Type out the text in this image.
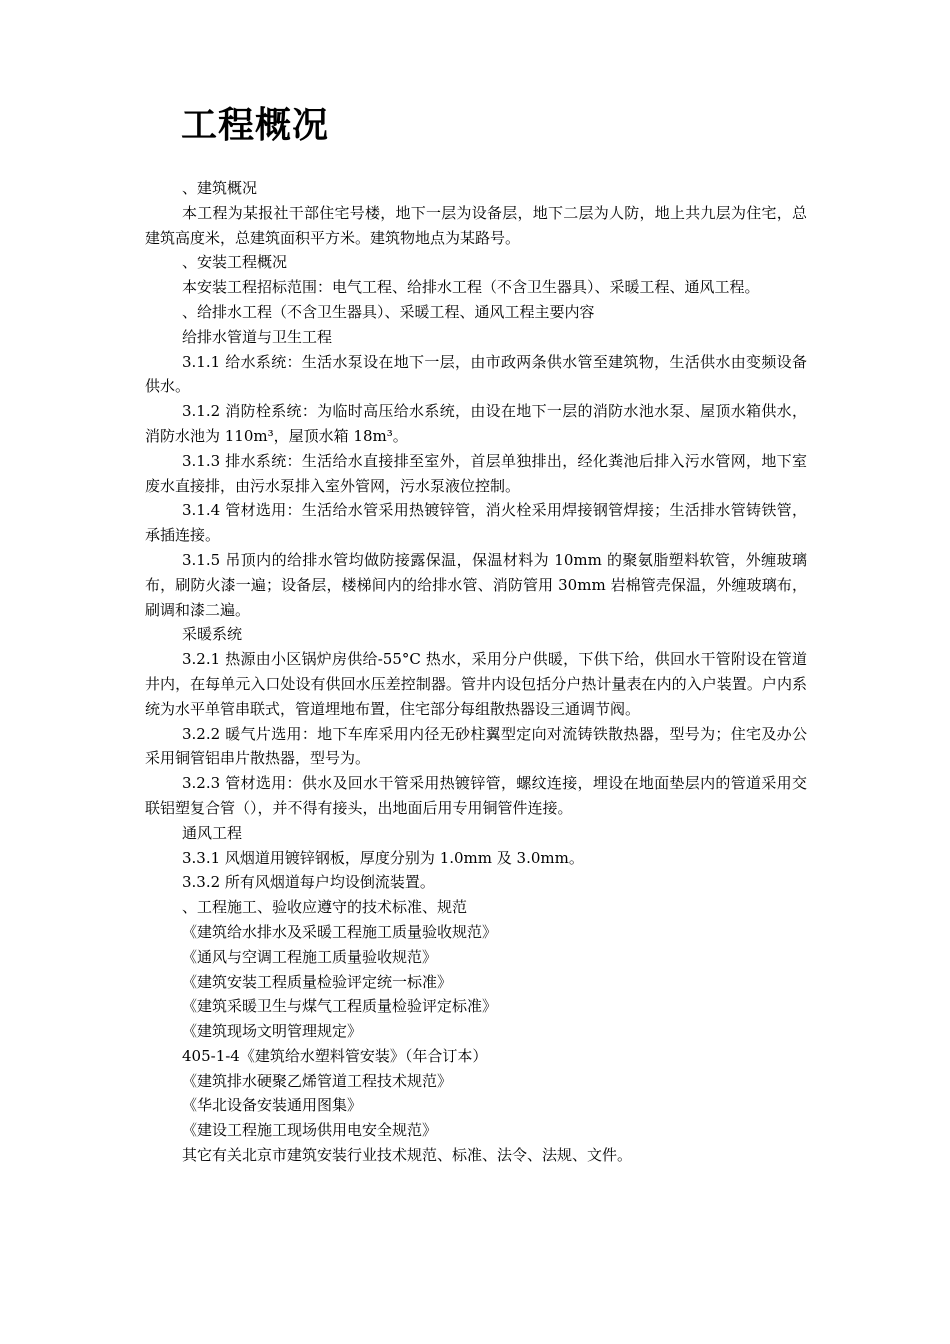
工程概况

、建筑概况

本工程为某报社干部住宅号楼，地下一层为设备层，地下二层为人防，地上共九层为住宅，总建筑高度米，总建筑面积平方米。建筑物地点为某路号。

、安装工程概况

本安装工程招标范围：电气工程、给排水工程（不含卫生器具）、采暖工程、通风工程。

、给排水工程（不含卫生器具）、采暖工程、通风工程主要内容

给排水管道与卫生工程

3.1.1 给水系统：生活水泵设在地下一层，由市政两条供水管至建筑物，生活供水由变频设备供水。

3.1.2 消防栓系统：为临时高压给水系统，由设在地下一层的消防水池水泵、屋顶水箱供水，消防水池为 110m³，屋顶水箱 18m³。

3.1.3 排水系统：生活给水直接排至室外，首层单独排出，经化粪池后排入污水管网，地下室废水直接排，由污水泵排入室外管网，污水泵液位控制。

3.1.4 管材选用：生活给水管采用热镀锌管，消火栓采用焊接钢管焊接；生活排水管铸铁管，承插连接。

3.1.5 吊顶内的给排水管均做防接露保温，保温材料为 10mm 的聚氨脂塑料软管，外缠玻璃布，刷防火漆一遍；设备层，楼梯间内的给排水管、消防管用 30mm 岩棉管壳保温，外缠玻璃布，刷调和漆二遍。

采暖系统

3.2.1 热源由小区锅炉房供给-55°C 热水，采用分户供暖，下供下给，供回水干管附设在管道井内，在每单元入口处设有供回水压差控制器。管井内设包括分户热计量表在内的入户装置。户内系统为水平单管串联式，管道埋地布置，住宅部分每组散热器设三通调节阀。

3.2.2 暖气片选用：地下车库采用内径无砂柱翼型定向对流铸铁散热器，型号为；住宅及办公采用铜管铝串片散热器，型号为。

3.2.3 管材选用：供水及回水干管采用热镀锌管，螺纹连接，埋设在地面垫层内的管道采用交联铝塑复合管（），并不得有接头，出地面后用专用铜管件连接。

通风工程

3.3.1 风烟道用镀锌钢板，厚度分别为 1.0mm 及 3.0mm。

3.3.2 所有风烟道每户均设倒流装置。

、工程施工、验收应遵守的技术标准、规范

《建筑给水排水及采暖工程施工质量验收规范》

《通风与空调工程施工质量验收规范》

《建筑安装工程质量检验评定统一标准》

《建筑采暖卫生与煤气工程质量检验评定标准》

《建筑现场文明管理规定》

405-1-4《建筑给水塑料管安装》（年合订本）

《建筑排水硬聚乙烯管道工程技术规范》

《华北设备安装通用图集》

《建设工程施工现场供用电安全规范》

其它有关北京市建筑安装行业技术规范、标准、法令、法规、文件。
